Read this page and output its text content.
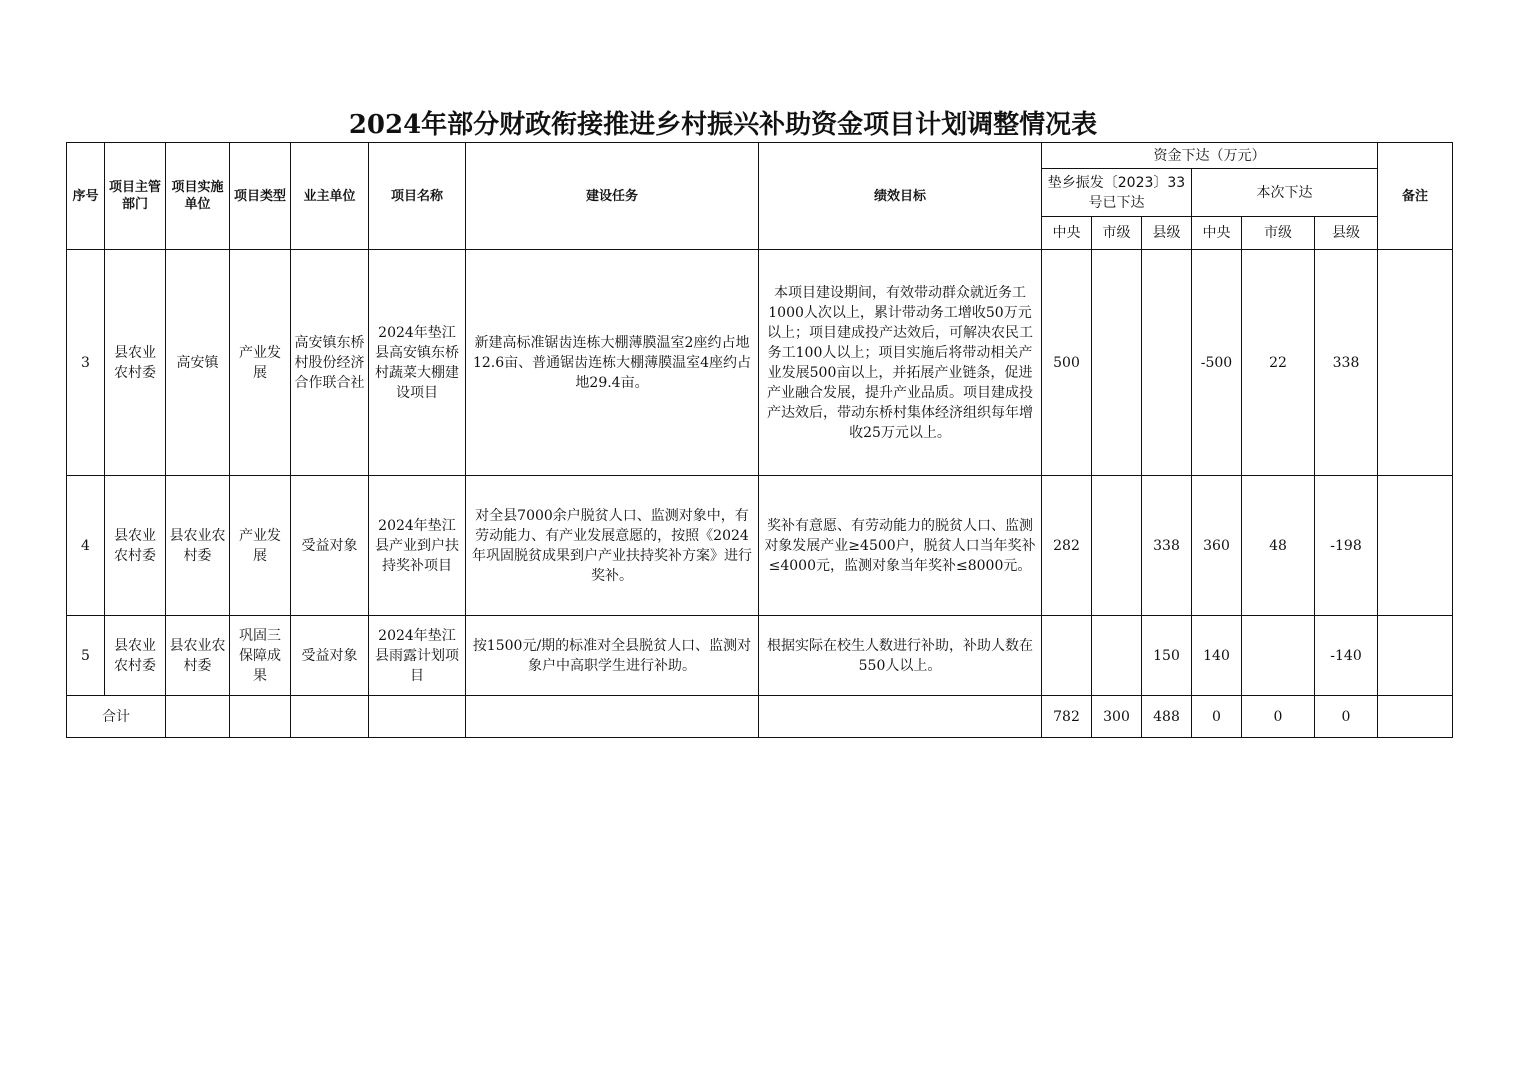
2024年部分财政衔接推进乡村振兴补助资金项目计划调整情况表
序号	项目主管部门	项目实施单位	项目类型	业主单位	项目名称	建设任务	绩效目标	资金下达（万元）						备注
								垫乡振发〔2023〕33号已下达			本次下达			
								中央	市级	县级	中央	市级	县级	
3	县农业农村委	高安镇	产业发展	高安镇东桥村股份经济合作联合社	2024年垫江县高安镇东桥村蔬菜大棚建设项目	新建高标准锯齿连栋大棚薄膜温室2座约占地12.6亩、普通锯齿连栋大棚薄膜温室4座约占地29.4亩。	本项目建设期间，有效带动群众就近务工1000人次以上，累计带动务工增收50万元以上；项目建成投产达效后，可解决农民工务工100人以上；项目实施后将带动相关产业发展500亩以上，并拓展产业链条，促进产业融合发展，提升产业品质。项目建成投产达效后，带动东桥村集体经济组织每年增收25万元以上。	500			-500	22	338	
4	县农业农村委	县农业农村委	产业发展	受益对象	2024年垫江县产业到户扶持奖补项目	对全县7000余户脱贫人口、监测对象中，有劳动能力、有产业发展意愿的，按照《2024年巩固脱贫成果到户产业扶持奖补方案》进行奖补。	奖补有意愿、有劳动能力的脱贫人口、监测对象发展产业≥4500户，脱贫人口当年奖补≤4000元，监测对象当年奖补≤8000元。	282		338	360	48	-198	
5	县农业农村委	县农业农村委	巩固三保障成果	受益对象	2024年垫江县雨露计划项目	按1500元/期的标准对全县脱贫人口、监测对象户中高职学生进行补助。	根据实际在校生人数进行补助，补助人数在550人以上。			150	140		-140	
合计								782	300	488	0	0	0	
